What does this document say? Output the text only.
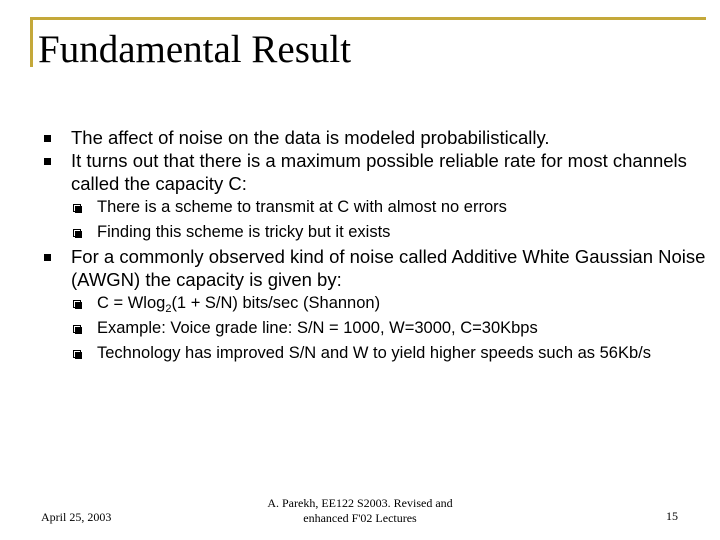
Fundamental Result
The affect of noise on the data is modeled probabilistically.
It turns out that there is a maximum possible reliable rate for most channels called the capacity C:
There is a scheme to transmit at C with almost no errors
Finding this scheme is tricky but it exists
For a commonly observed kind of noise called Additive White Gaussian Noise (AWGN) the capacity is given by:
C = Wlog$_2$(1 + S/N) bits/sec (Shannon)
Example: Voice grade line: S/N = 1000, W=3000, C=30Kbps
Technology has improved S/N and W to yield higher speeds such as 56Kb/s
April 25, 2003
A. Parekh, EE122 S2003. Revised and
enhanced F'02 Lectures	15
